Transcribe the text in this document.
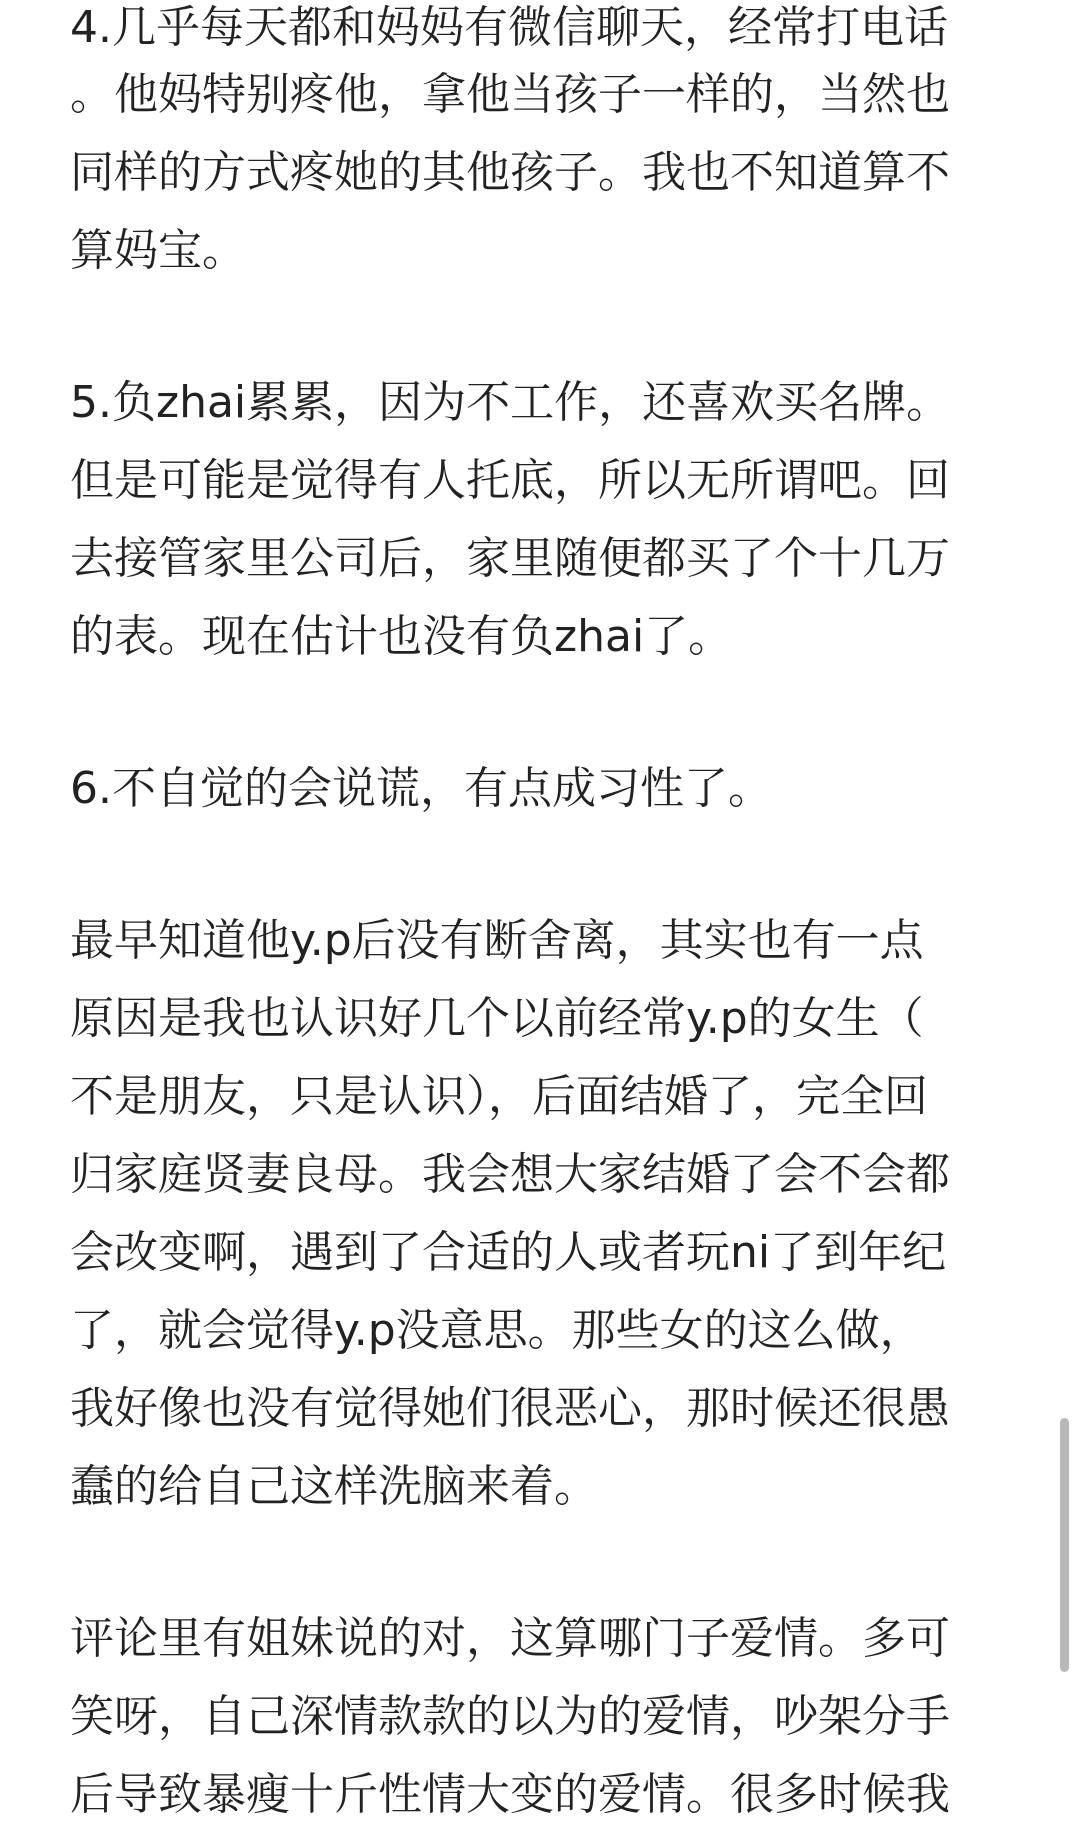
4.几乎每天都和妈妈有微信聊天，经常打电话
。他妈特别疼他，拿他当孩子一样的，当然也
同样的方式疼她的其他孩子。我也不知道算不
算妈宝。
5.负zhai累累，因为不工作，还喜欢买名牌。
但是可能是觉得有人托底，所以无所谓吧。回
去接管家里公司后，家里随便都买了个十几万
的表。现在估计也没有负zhai了。
6.不自觉的会说谎，有点成习性了。
最早知道他y.p后没有断舍离，其实也有一点
原因是我也认识好几个以前经常y.p的女生（
不是朋友，只是认识），后面结婚了，完全回
归家庭贤妻良母。我会想大家结婚了会不会都
会改变啊，遇到了合适的人或者玩ni了到年纪
了，就会觉得y.p没意思。那些女的这么做，
我好像也没有觉得她们很恶心，那时候还很愚
蠢的给自己这样洗脑来着。
评论里有姐妹说的对，这算哪门子爱情。多可
笑呀，自己深情款款的以为的爱情，吵架分手
后导致暴瘦十斤性情大变的爱情。很多时候我
